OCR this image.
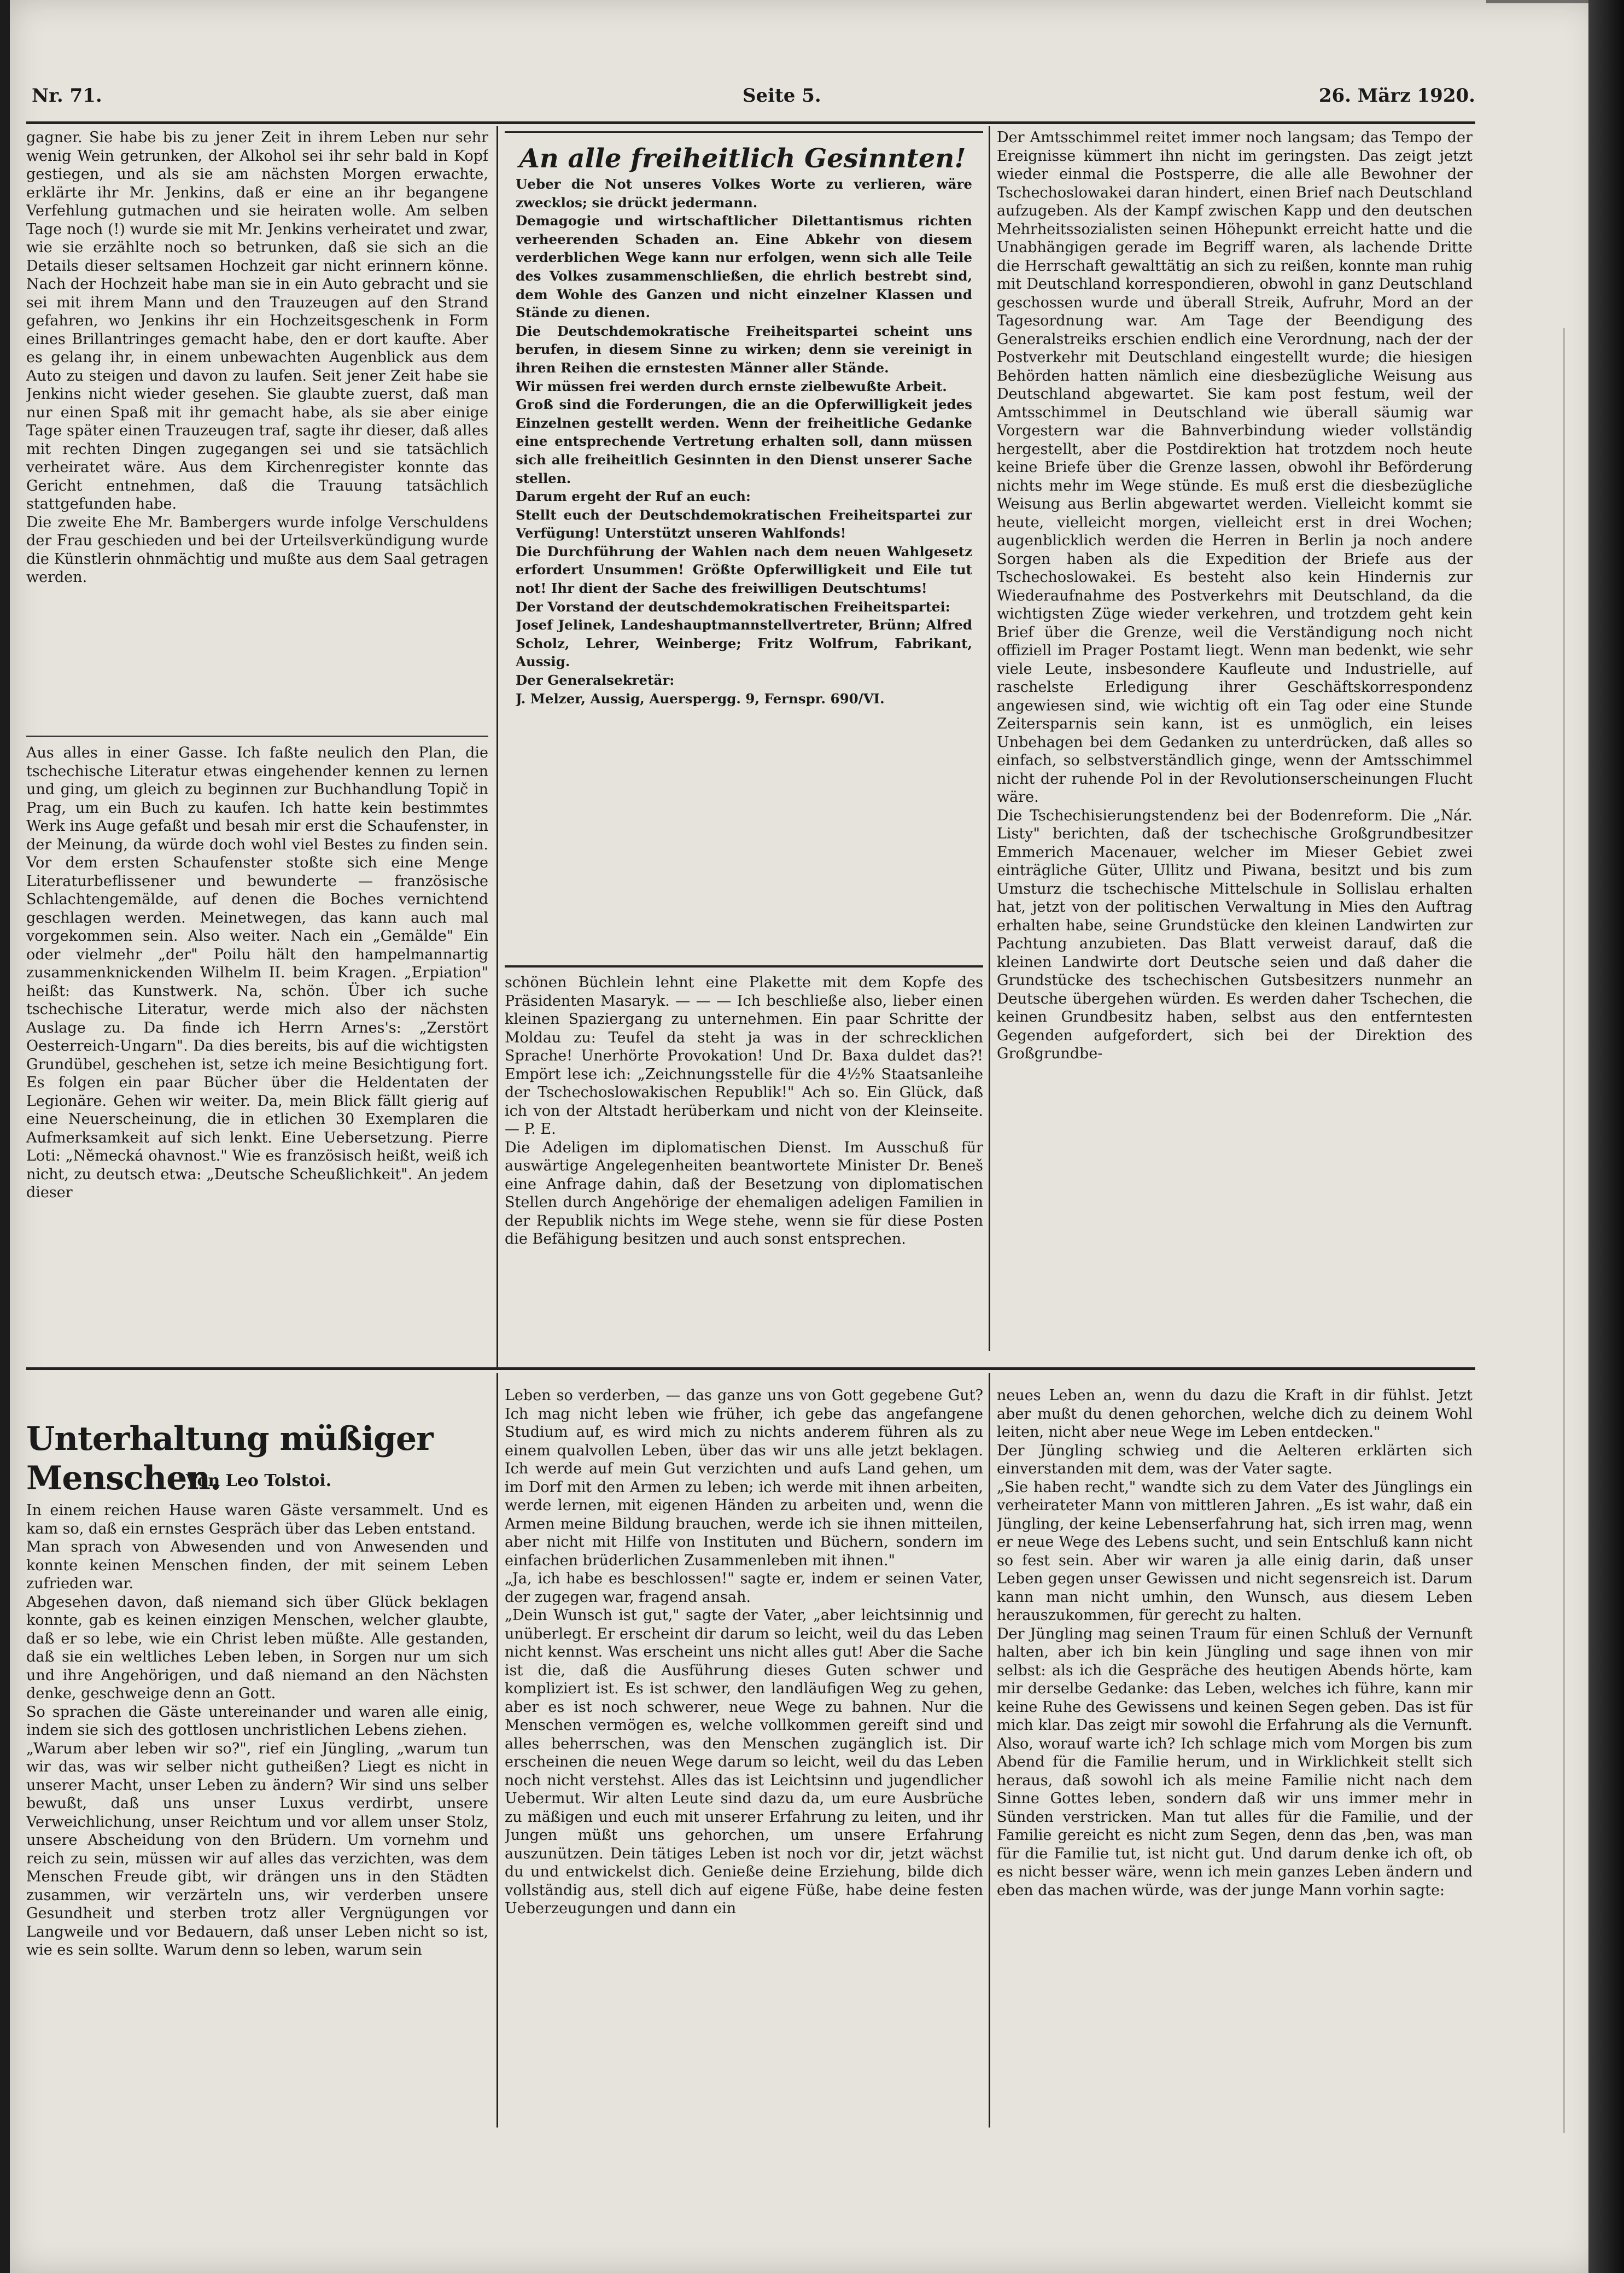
Nr. 71.	Seite 5.	26. März 1920.
gagner. Sie habe bis zu jener Zeit in ihrem Leben nur sehr wenig Wein getrunken, der Alkohol sei ihr sehr bald in Kopf gestiegen, und als sie am nächsten Morgen erwachte, erklärte ihr Mr. Jenkins, daß er eine an ihr begangene Verfehlung gutmachen und sie heiraten wolle. Am selben Tage noch (!) wurde sie mit Mr. Jenkins verheiratet und zwar, wie sie erzählte noch so betrunken, daß sie sich an die Details dieser seltsamen Hochzeit gar nicht erinnern könne. Nach der Hochzeit habe man sie in ein Auto gebracht und sie sei mit ihrem Mann und den Trauzeugen auf den Strand gefahren, wo Jenkins ihr ein Hochzeitsgeschenk in Form eines Brillantringes gemacht habe, den er dort kaufte. Aber es gelang ihr, in einem unbewachten Augenblick aus dem Auto zu steigen und davon zu laufen. Seit jener Zeit habe sie Jenkins nicht wieder gesehen. Sie glaubte zuerst, daß man nur einen Spaß mit ihr gemacht habe, als sie aber einige Tage später einen Trauzeugen traf, sagte ihr dieser, daß alles mit rechten Dingen zugegangen sei und sie tatsächlich verheiratet wäre. Aus dem Kirchenregister konnte das Gericht entnehmen, daß die Trauung tatsächlich stattgefunden habe.
Die zweite Ehe Mr. Bambergers wurde infolge Verschuldens der Frau geschieden und bei der Urteilsverkündigung wurde die Künstlerin ohnmächtig und mußte aus dem Saal getragen werden.
Aus alles in einer Gasse. Ich faßte neulich den Plan, die tschechische Literatur etwas eingehender kennen zu lernen und ging, um gleich zu beginnen zur Buchhandlung Topič in Prag, um ein Buch zu kaufen. Ich hatte kein bestimmtes Werk ins Auge gefaßt und besah mir erst die Schaufenster, in der Meinung, da würde doch wohl viel Bestes zu finden sein. Vor dem ersten Schaufenster stoßte sich eine Menge Literaturbeflissener und bewunderte — französische Schlachtengemälde, auf denen die Boches vernichtend geschlagen werden. Meinetwegen, das kann auch mal vorgekommen sein. Also weiter. Nach ein „Gemälde" Ein oder vielmehr „der" Poilu hält den hampelmannartig zusammenknickenden Wilhelm II. beim Kragen. „Erpiation" heißt: das Kunstwerk. Na, schön. Über ich suche tschechische Literatur, werde mich also der nächsten Auslage zu. Da finde ich Herrn Arnes's: „Zerstört Oesterreich-Ungarn". Da dies bereits, bis auf die wichtigsten Grundübel, geschehen ist, setze ich meine Besichtigung fort. Es folgen ein paar Bücher über die Heldentaten der Legionäre. Gehen wir weiter. Da, mein Blick fällt gierig auf eine Neuerscheinung, die in etlichen 30 Exemplaren die Aufmerksamkeit auf sich lenkt. Eine Uebersetzung. Pierre Loti: „Německá ohavnost." Wie es französisch heißt, weiß ich nicht, zu deutsch etwa: „Deutsche Scheußlichkeit". An jedem dieser
An alle freiheitlich Gesinnten!
Ueber die Not unseres Volkes Worte zu verlieren, wäre zwecklos; sie drückt jedermann.
Demagogie und wirtschaftlicher Dilettantismus richten verheerenden Schaden an. Eine Abkehr von diesem verderblichen Wege kann nur erfolgen, wenn sich alle Teile des Volkes zusammenschließen, die ehrlich bestrebt sind, dem Wohle des Ganzen und nicht einzelner Klassen und Stände zu dienen.
Die Deutschdemokratische Freiheitspartei scheint uns berufen, in diesem Sinne zu wirken; denn sie vereinigt in ihren Reihen die ernstesten Männer aller Stände.
Wir müssen frei werden durch ernste zielbewußte Arbeit.
Groß sind die Forderungen, die an die Opferwilligkeit jedes Einzelnen gestellt werden. Wenn der freiheitliche Gedanke eine entsprechende Vertretung erhalten soll, dann müssen sich alle freiheitlich Gesinnten in den Dienst unserer Sache stellen.
Darum ergeht der Ruf an euch:
Stellt euch der Deutschdemokratischen Freiheitspartei zur Verfügung! Unterstützt unseren Wahlfonds!
Die Durchführung der Wahlen nach dem neuen Wahlgesetz erfordert Unsummen! Größte Opferwilligkeit und Eile tut not! Ihr dient der Sache des freiwilligen Deutschtums!
Der Vorstand der deutschdemokratischen Freiheitspartei:
Josef Jelinek, Landeshauptmannstellvertreter, Brünn; Alfred Scholz, Lehrer, Weinberge; Fritz Wolfrum, Fabrikant, Aussig.
Der Generalsekretär:
J. Melzer, Aussig, Auerspergg. 9, Fernspr. 690/VI.
schönen Büchlein lehnt eine Plakette mit dem Kopfe des Präsidenten Masaryk. — — — Ich beschließe also, lieber einen kleinen Spaziergang zu unternehmen. Ein paar Schritte der Moldau zu: Teufel da steht ja was in der schrecklichen Sprache! Unerhörte Provokation! Und Dr. Baxa duldet das?! Empört lese ich: „Zeichnungsstelle für die 4½% Staatsanleihe der Tschechoslowakischen Republik!" Ach so. Ein Glück, daß ich von der Altstadt herüberkam und nicht von der Kleinseite. — P. E.
Die Adeligen im diplomatischen Dienst. Im Ausschuß für auswärtige Angelegenheiten beantwortete Minister Dr. Beneš eine Anfrage dahin, daß der Besetzung von diplomatischen Stellen durch Angehörige der ehemaligen adeligen Familien in der Republik nichts im Wege stehe, wenn sie für diese Posten die Befähigung besitzen und auch sonst entsprechen.
Der Amtsschimmel reitet immer noch langsam; das Tempo der Ereignisse kümmert ihn nicht im geringsten. Das zeigt jetzt wieder einmal die Postsperre, die alle alle Bewohner der Tschechoslowakei daran hindert, einen Brief nach Deutschland aufzugeben. Als der Kampf zwischen Kapp und den deutschen Mehrheitssozialisten seinen Höhepunkt erreicht hatte und die Unabhängigen gerade im Begriff waren, als lachende Dritte die Herrschaft gewalttätig an sich zu reißen, konnte man ruhig mit Deutschland korrespondieren, obwohl in ganz Deutschland geschossen wurde und überall Streik, Aufruhr, Mord an der Tagesordnung war. Am Tage der Beendigung des Generalstreiks erschien endlich eine Verordnung, nach der der Postverkehr mit Deutschland eingestellt wurde; die hiesigen Behörden hatten nämlich eine diesbezügliche Weisung aus Deutschland abgewartet. Sie kam post festum, weil der Amtsschimmel in Deutschland wie überall säumig war Vorgestern war die Bahnverbindung wieder vollständig hergestellt, aber die Postdirektion hat trotzdem noch heute keine Briefe über die Grenze lassen, obwohl ihr Beförderung nichts mehr im Wege stünde. Es muß erst die diesbezügliche Weisung aus Berlin abgewartet werden. Vielleicht kommt sie heute, vielleicht morgen, vielleicht erst in drei Wochen; augenblicklich werden die Herren in Berlin ja noch andere Sorgen haben als die Expedition der Briefe aus der Tschechoslowakei. Es besteht also kein Hindernis zur Wiederaufnahme des Postverkehrs mit Deutschland, da die wichtigsten Züge wieder verkehren, und trotzdem geht kein Brief über die Grenze, weil die Verständigung noch nicht offiziell im Prager Postamt liegt. Wenn man bedenkt, wie sehr viele Leute, insbesondere Kaufleute und Industrielle, auf raschelste Erledigung ihrer Geschäftskorrespondenz angewiesen sind, wie wichtig oft ein Tag oder eine Stunde Zeitersparnis sein kann, ist es unmöglich, ein leises Unbehagen bei dem Gedanken zu unterdrücken, daß alles so einfach, so selbstverständlich ginge, wenn der Amtsschimmel nicht der ruhende Pol in der Revolutionserscheinungen Flucht wäre.
Die Tschechisierungstendenz bei der Bodenreform. Die „Nár. Listy" berichten, daß der tschechische Großgrundbesitzer Emmerich Macenauer, welcher im Mieser Gebiet zwei einträgliche Güter, Ullitz und Piwana, besitzt und bis zum Umsturz die tschechische Mittelschule in Sollislau erhalten hat, jetzt von der politischen Verwaltung in Mies den Auftrag erhalten habe, seine Grundstücke den kleinen Landwirten zur Pachtung anzubieten. Das Blatt verweist darauf, daß die kleinen Landwirte dort Deutsche seien und daß daher die Grundstücke des tschechischen Gutsbesitzers nunmehr an Deutsche übergehen würden. Es werden daher Tschechen, die keinen Grundbesitz haben, selbst aus den entferntesten Gegenden aufgefordert, sich bei der Direktion des Großgrundbe-
Unterhaltung müßiger Menschen.
Von Leo Tolstoi.
In einem reichen Hause waren Gäste versammelt. Und es kam so, daß ein ernstes Gespräch über das Leben entstand.
Man sprach von Abwesenden und von Anwesenden und konnte keinen Menschen finden, der mit seinem Leben zufrieden war.
Abgesehen davon, daß niemand sich über Glück beklagen konnte, gab es keinen einzigen Menschen, welcher glaubte, daß er so lebe, wie ein Christ leben müßte. Alle gestanden, daß sie ein weltliches Leben leben, in Sorgen nur um sich und ihre Angehörigen, und daß niemand an den Nächsten denke, geschweige denn an Gott.
So sprachen die Gäste untereinander und waren alle einig, indem sie sich des gottlosen unchristlichen Lebens ziehen.
„Warum aber leben wir so?", rief ein Jüngling, „warum tun wir das, was wir selber nicht gutheißen? Liegt es nicht in unserer Macht, unser Leben zu ändern? Wir sind uns selber bewußt, daß uns unser Luxus verdirbt, unsere Verweichlichung, unser Reichtum und vor allem unser Stolz, unsere Abscheidung von den Brüdern. Um vornehm und reich zu sein, müssen wir auf alles das verzichten, was dem Menschen Freude gibt, wir drängen uns in den Städten zusammen, wir verzärteln uns, wir verderben unsere Gesundheit und sterben trotz aller Vergnügungen vor Langweile und vor Bedauern, daß unser Leben nicht so ist, wie es sein sollte. Warum denn so leben, warum sein
Leben so verderben, — das ganze uns von Gott gegebene Gut? Ich mag nicht leben wie früher, ich gebe das angefangene Studium auf, es wird mich zu nichts anderem führen als zu einem qualvollen Leben, über das wir uns alle jetzt beklagen. Ich werde auf mein Gut verzichten und aufs Land gehen, um im Dorf mit den Armen zu leben; ich werde mit ihnen arbeiten, werde lernen, mit eigenen Händen zu arbeiten und, wenn die Armen meine Bildung brauchen, werde ich sie ihnen mitteilen, aber nicht mit Hilfe von Instituten und Büchern, sondern im einfachen brüderlichen Zusammenleben mit ihnen."
„Ja, ich habe es beschlossen!" sagte er, indem er seinen Vater, der zugegen war, fragend ansah.
„Dein Wunsch ist gut," sagte der Vater, „aber leichtsinnig und unüberlegt. Er erscheint dir darum so leicht, weil du das Leben nicht kennst. Was erscheint uns nicht alles gut! Aber die Sache ist die, daß die Ausführung dieses Guten schwer und kompliziert ist. Es ist schwer, den landläufigen Weg zu gehen, aber es ist noch schwerer, neue Wege zu bahnen. Nur die Menschen vermögen es, welche vollkommen gereift sind und alles beherrschen, was den Menschen zugänglich ist. Dir erscheinen die neuen Wege darum so leicht, weil du das Leben noch nicht verstehst. Alles das ist Leichtsinn und jugendlicher Uebermut. Wir alten Leute sind dazu da, um eure Ausbrüche zu mäßigen und euch mit unserer Erfahrung zu leiten, und ihr Jungen müßt uns gehorchen, um unsere Erfahrung auszunützen. Dein tätiges Leben ist noch vor dir, jetzt wächst du und entwickelst dich. Genieße deine Erziehung, bilde dich vollständig aus, stell dich auf eigene Füße, habe deine festen Ueberzeugungen und dann ein
neues Leben an, wenn du dazu die Kraft in dir fühlst. Jetzt aber mußt du denen gehorchen, welche dich zu deinem Wohl leiten, nicht aber neue Wege im Leben entdecken."
Der Jüngling schwieg und die Aelteren erklärten sich einverstanden mit dem, was der Vater sagte.
„Sie haben recht," wandte sich zu dem Vater des Jünglings ein verheirateter Mann von mittleren Jahren. „Es ist wahr, daß ein Jüngling, der keine Lebenserfahrung hat, sich irren mag, wenn er neue Wege des Lebens sucht, und sein Entschluß kann nicht so fest sein. Aber wir waren ja alle einig darin, daß unser Leben gegen unser Gewissen und nicht segensreich ist. Darum kann man nicht umhin, den Wunsch, aus diesem Leben herauszukommen, für gerecht zu halten.
Der Jüngling mag seinen Traum für einen Schluß der Vernunft halten, aber ich bin kein Jüngling und sage ihnen von mir selbst: als ich die Gespräche des heutigen Abends hörte, kam mir derselbe Gedanke: das Leben, welches ich führe, kann mir keine Ruhe des Gewissens und keinen Segen geben. Das ist für mich klar. Das zeigt mir sowohl die Erfahrung als die Vernunft. Also, worauf warte ich? Ich schlage mich vom Morgen bis zum Abend für die Familie herum, und in Wirklichkeit stellt sich heraus, daß sowohl ich als meine Familie nicht nach dem Sinne Gottes leben, sondern daß wir uns immer mehr in Sünden verstricken. Man tut alles für die Familie, und der Familie gereicht es nicht zum Segen, denn das ‚ben, was man für die Familie tut, ist nicht gut. Und darum denke ich oft, ob es nicht besser wäre, wenn ich mein ganzes Leben ändern und eben das machen würde, was der junge Mann vorhin sagte:
